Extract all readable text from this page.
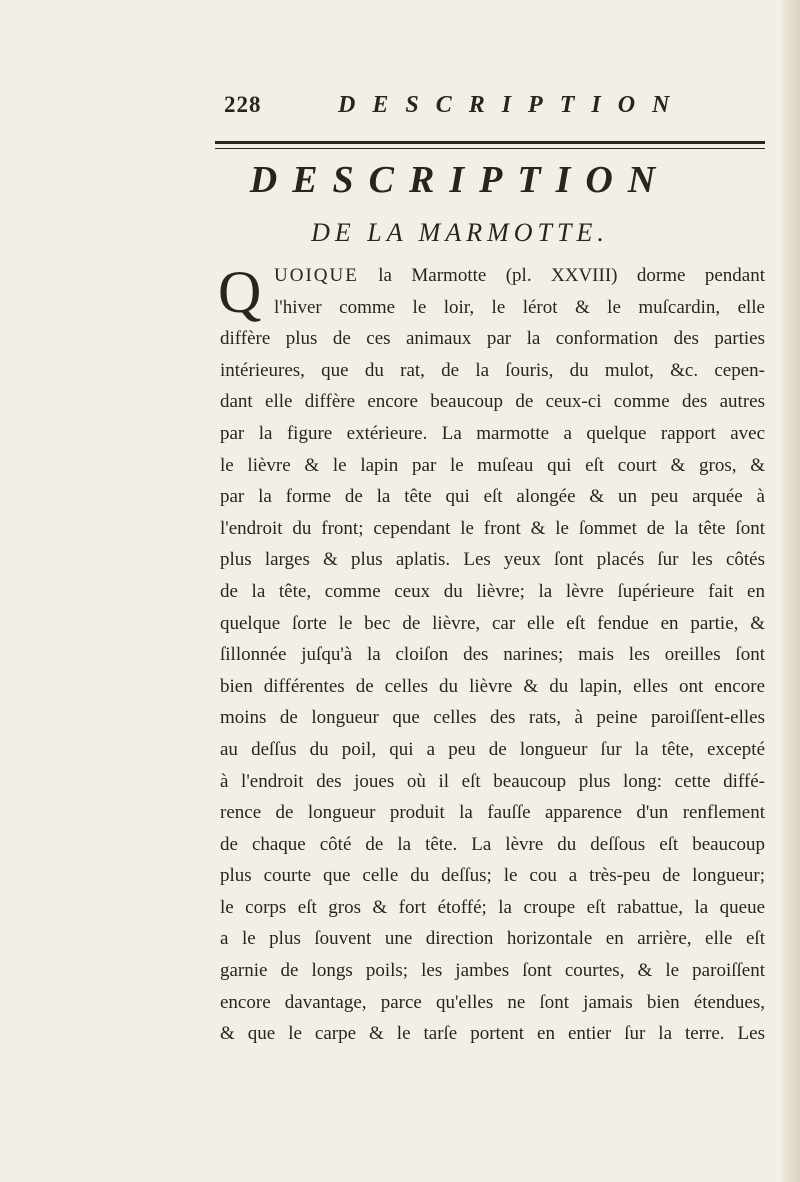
228	DESCRIPTION
DESCRIPTION
DE LA MARMOTTE.
Q UOIQUE la Marmotte (pl. XXVIII) dorme pendant
l'hiver comme le loir, le lérot & le muſcardin, elle
diffère plus de ces animaux par la conformation des parties
intérieures, que du rat, de la ſouris, du mulot, &c. cepen-
dant elle diffère encore beaucoup de ceux-ci comme des autres
par la figure extérieure. La marmotte a quelque rapport avec
le lièvre & le lapin par le muſeau qui eſt court & gros, &
par la forme de la tête qui eſt alongée & un peu arquée à
l'endroit du front; cependant le front & le ſommet de la tête ſont
plus larges & plus aplatis. Les yeux ſont placés ſur les côtés
de la tête, comme ceux du lièvre; la lèvre ſupérieure fait en
quelque ſorte le bec de lièvre, car elle eſt fendue en partie, &
ſillonnée juſqu'à la cloiſon des narines; mais les oreilles ſont
bien différentes de celles du lièvre & du lapin, elles ont encore
moins de longueur que celles des rats, à peine paroiſſent-elles
au deſſus du poil, qui a peu de longueur ſur la tête, excepté
à l'endroit des joues où il eſt beaucoup plus long: cette diffé-
rence de longueur produit la fauſſe apparence d'un renflement
de chaque côté de la tête. La lèvre du deſſous eſt beaucoup
plus courte que celle du deſſus; le cou a très-peu de longueur;
le corps eſt gros & fort étoffé; la croupe eſt rabattue, la queue
a le plus ſouvent une direction horizontale en arrière, elle eſt
garnie de longs poils; les jambes ſont courtes, & le paroiſſent
encore davantage, parce qu'elles ne ſont jamais bien étendues,
& que le carpe & le tarſe portent en entier ſur la terre. Les
